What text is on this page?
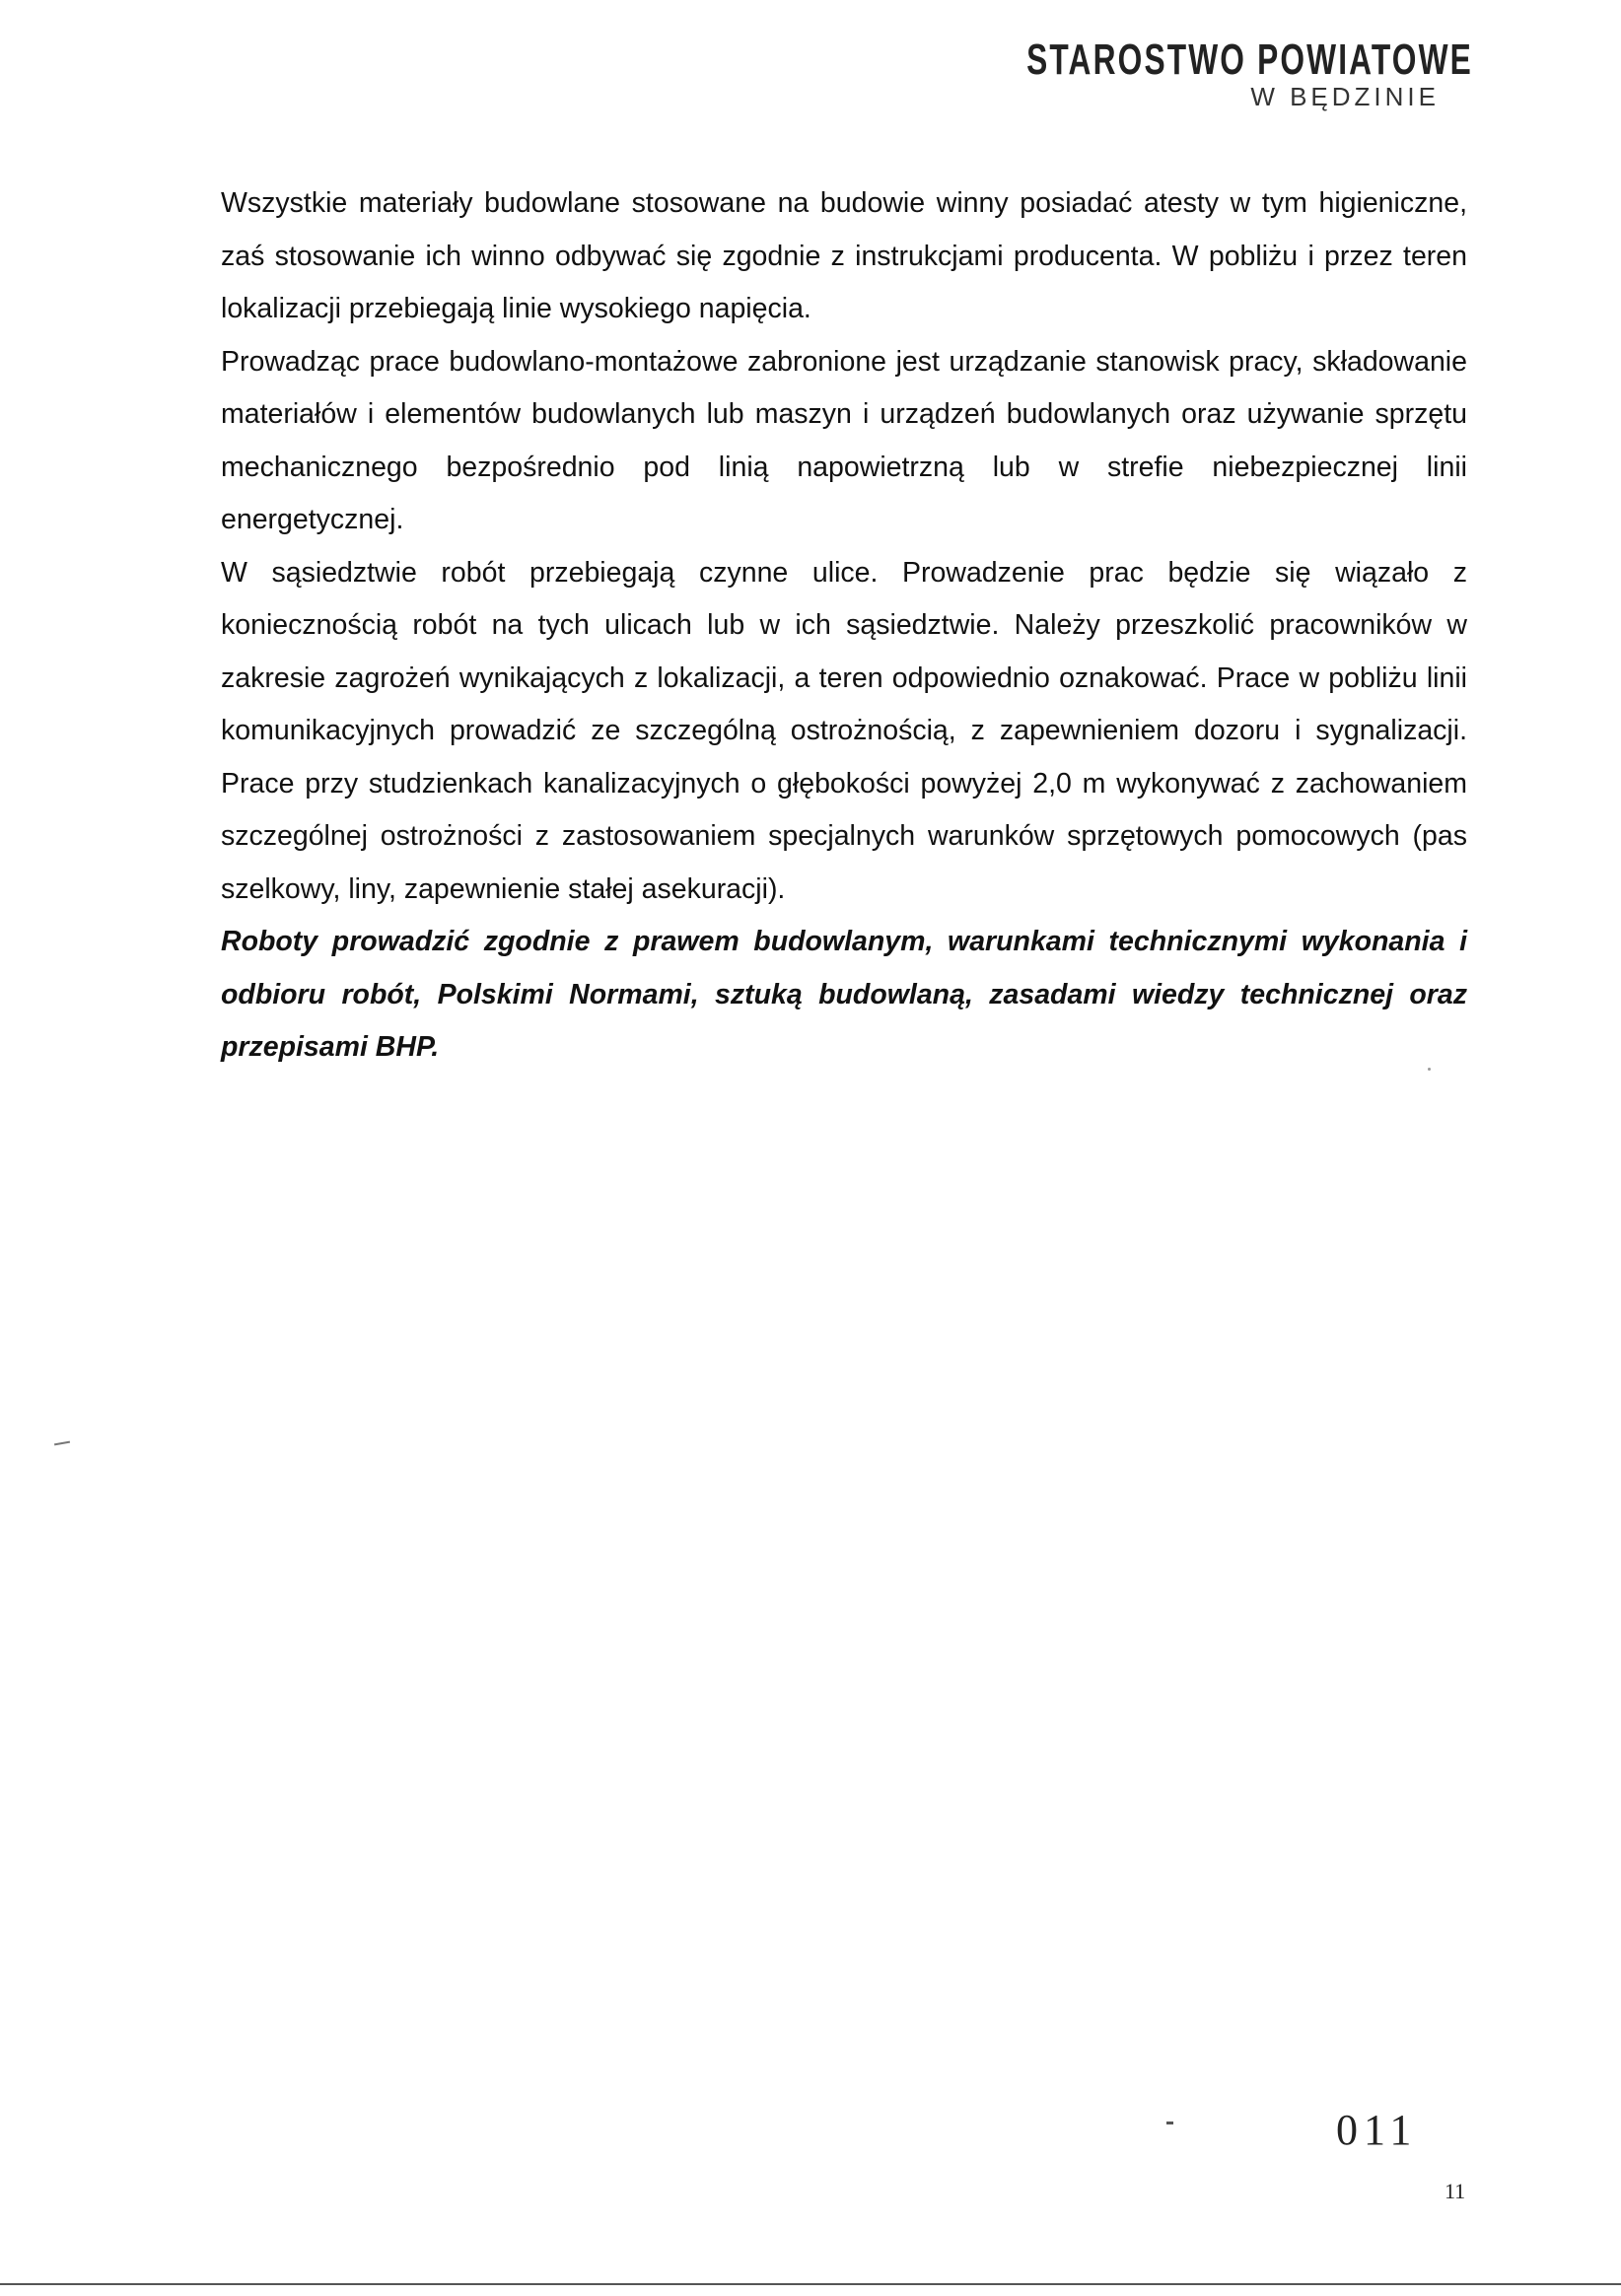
STAROSTWO POWIATOWE
W BĘDZINIE

Wszystkie materiały budowlane stosowane na budowie winny posiadać atesty w tym higieniczne, zaś stosowanie ich winno odbywać się zgodnie z instrukcjami producenta. W pobliżu i przez teren lokalizacji przebiegają linie wysokiego napięcia.

Prowadząc prace budowlano-montażowe zabronione jest urządzanie stanowisk pracy, składowanie materiałów i elementów budowlanych lub maszyn i urządzeń budowlanych oraz używanie sprzętu mechanicznego bezpośrednio pod linią napowietrzną lub w strefie niebezpiecznej linii energetycznej.

W sąsiedztwie robót przebiegają czynne ulice. Prowadzenie prac będzie się wiązało z koniecznością robót na tych ulicach lub w ich sąsiedztwie. Należy przeszkolić pracowników w zakresie zagrożeń wynikających z lokalizacji, a teren odpowiednio oznakować. Prace w pobliżu linii komunikacyjnych prowadzić ze szczególną ostrożnością, z zapewnieniem dozoru i sygnalizacji. Prace przy studzienkach kanalizacyjnych o głębokości powyżej 2,0 m wykonywać z zachowaniem szczególnej ostrożności z zastosowaniem specjalnych warunków sprzętowych pomocowych (pas szelkowy, liny, zapewnienie stałej asekuracji).

Roboty prowadzić zgodnie z prawem budowlanym, warunkami technicznymi wykonania i odbioru robót, Polskimi Normami, sztuką budowlaną, zasadami wiedzy technicznej oraz przepisami BHP.

011
11
